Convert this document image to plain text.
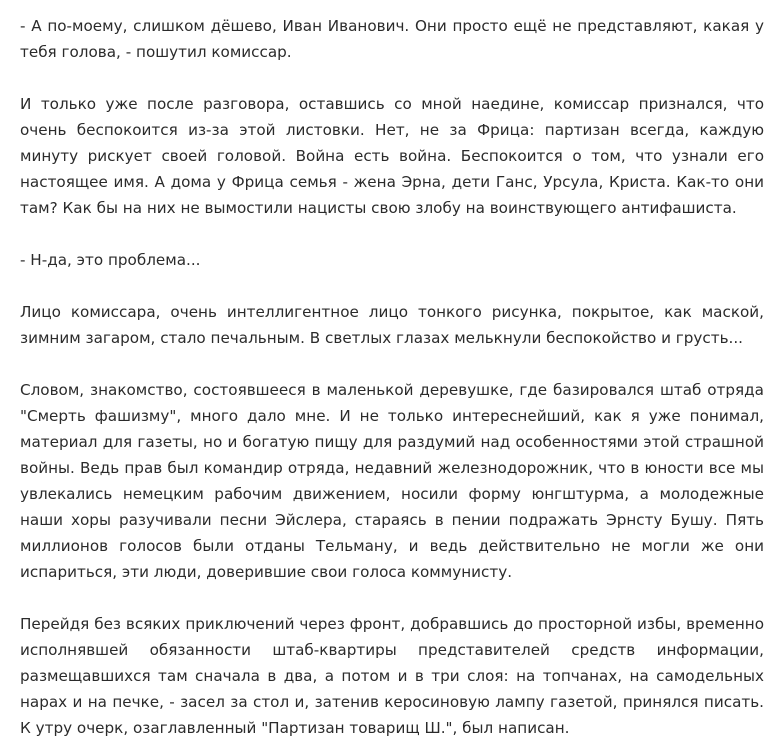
- А по-моему, слишком дёшево, Иван Иванович. Они просто ещё не представляют, какая у тебя голова, - пошутил комиссар.

И только уже после разговора, оставшись со мной наедине, комиссар признался, что очень беспокоится из-за этой листовки. Нет, не за Фрица: партизан всегда, каждую минуту рискует своей головой. Война есть война. Беспокоится о том, что узнали его настоящее имя. А дома у Фрица семья - жена Эрна, дети Ганс, Урсула, Криста. Как-то они там? Как бы на них не вымостили нацисты свою злобу на воинствующего антифашиста.

- Н-да, это проблема...

Лицо комиссара, очень интеллигентное лицо тонкого рисунка, покрытое, как маской, зимним загаром, стало печальным. В светлых глазах мелькнули беспокойство и грусть...

Словом, знакомство, состоявшееся в маленькой деревушке, где базировался штаб отряда "Смерть фашизму", много дало мне. И не только интереснейший, как я уже понимал, материал для газеты, но и богатую пищу для раздумий над особенностями этой страшной войны. Ведь прав был командир отряда, недавний железнодорожник, что в юности все мы увлекались немецким рабочим движением, носили форму юнгштурма, а молодежные наши хоры разучивали песни Эйслера, стараясь в пении подражать Эрнсту Бушу. Пять миллионов голосов были отданы Тельману, и ведь действительно не могли же они испариться, эти люди, доверившие свои голоса коммунисту.

Перейдя без всяких приключений через фронт, добравшись до просторной избы, временно исполнявшей обязанности штаб-квартиры представителей средств информации, размещавшихся там сначала в два, а потом и в три слоя: на топчанах, на самодельных нарах и на печке, - засел за стол и, затенив керосиновую лампу газетой, принялся писать. К утру очерк, озаглавленный "Партизан товарищ Ш.", был написан.
